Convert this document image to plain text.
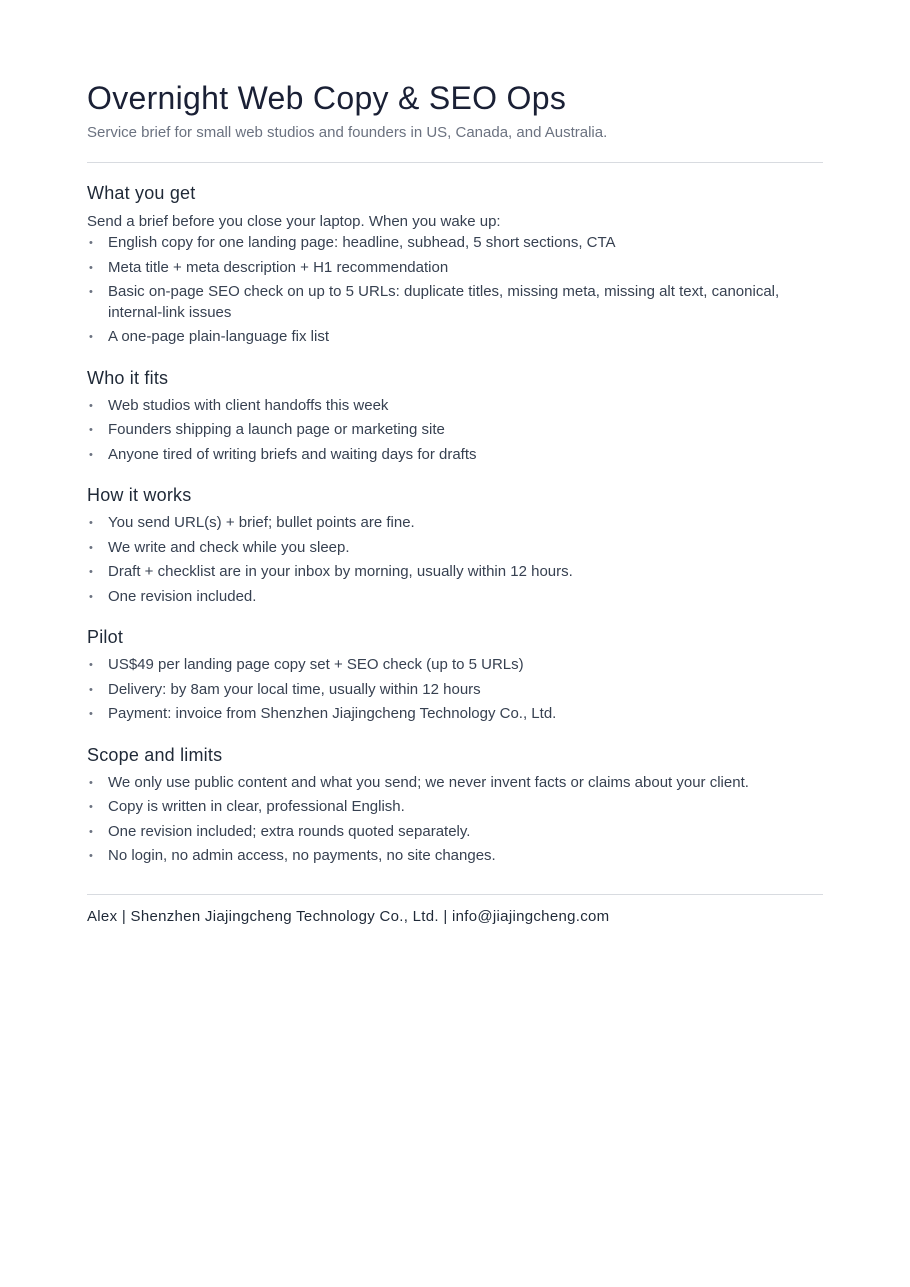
Overnight Web Copy & SEO Ops

Service brief for small web studios and founders in US, Canada, and Australia.

What you get

Send a brief before you close your laptop. When you wake up:

• English copy for one landing page: headline, subhead, 5 short sections, CTA
• Meta title + meta description + H1 recommendation
• Basic on-page SEO check on up to 5 URLs: duplicate titles, missing meta, missing alt text, canonical, internal-link issues
• A one-page plain-language fix list
Who it fits
• Web studios with client handoffs this week
• Founders shipping a launch page or marketing site
• Anyone tired of writing briefs and waiting days for drafts
How it works
• You send URL(s) + brief; bullet points are fine.
• We write and check while you sleep.
• Draft + checklist are in your inbox by morning, usually within 12 hours.
• One revision included.
Pilot
• US$49 per landing page copy set + SEO check (up to 5 URLs)
• Delivery: by 8am your local time, usually within 12 hours
• Payment: invoice from Shenzhen Jiajingcheng Technology Co., Ltd.
Scope and limits
• We only use public content and what you send; we never invent facts or claims about your client.
• Copy is written in clear, professional English.
• One revision included; extra rounds quoted separately.
• No login, no admin access, no payments, no site changes.

Alex | Shenzhen Jiajingcheng Technology Co., Ltd. | info@jiajingcheng.com
